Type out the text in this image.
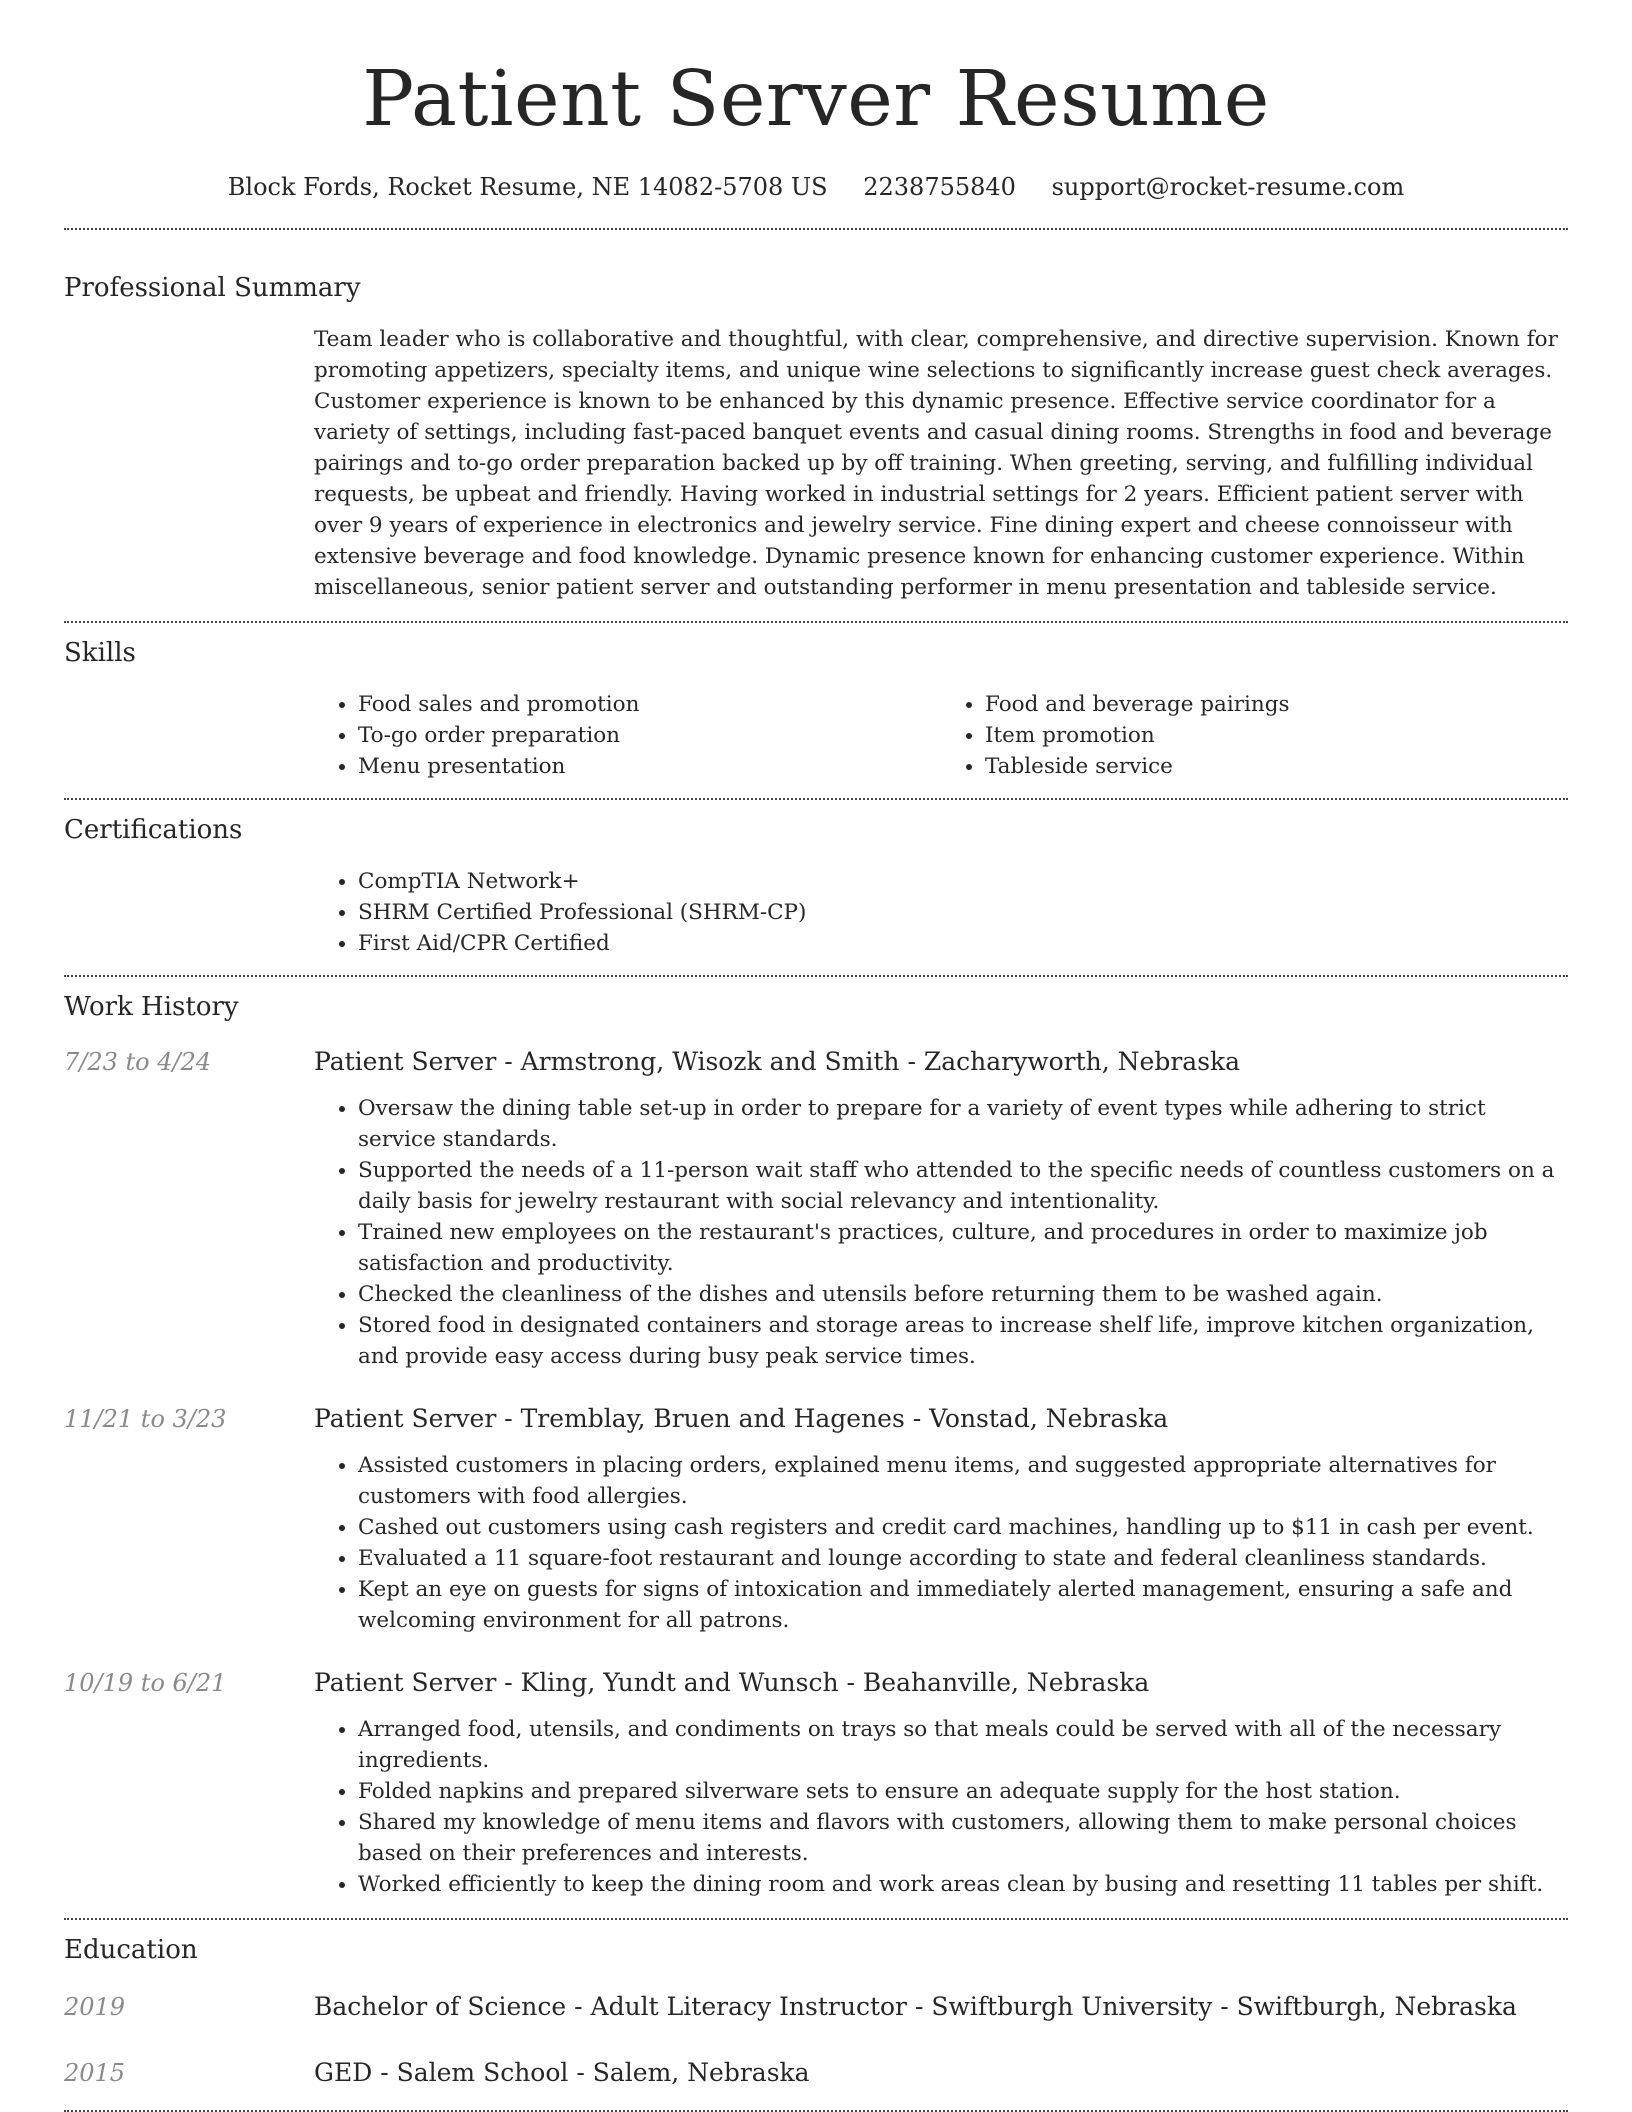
Patient Server Resume
Block Fords, Rocket Resume, NE 14082-5708 US 2238755840 support@rocket-resume.com
Professional Summary
Team leader who is collaborative and thoughtful, with clear, comprehensive, and directive supervision. Known for promoting appetizers, specialty items, and unique wine selections to significantly increase guest check averages. Customer experience is known to be enhanced by this dynamic presence. Effective service coordinator for a variety of settings, including fast-paced banquet events and casual dining rooms. Strengths in food and beverage pairings and to-go order preparation backed up by off training. When greeting, serving, and fulfilling individual requests, be upbeat and friendly. Having worked in industrial settings for 2 years. Efficient patient server with over 9 years of experience in electronics and jewelry service. Fine dining expert and cheese connoisseur with extensive beverage and food knowledge. Dynamic presence known for enhancing customer experience. Within miscellaneous, senior patient server and outstanding performer in menu presentation and tableside service.
Skills
• Food sales and promotion
• To-go order preparation
• Menu presentation
• Food and beverage pairings
• Item promotion
• Tableside service
Certifications
• CompTIA Network+
• SHRM Certified Professional (SHRM-CP)
• First Aid/CPR Certified
Work History
7/23 to 4/24	Patient Server - Armstrong, Wisozk and Smith - Zacharyworth, Nebraska
• Oversaw the dining table set-up in order to prepare for a variety of event types while adhering to strict service standards.
• Supported the needs of a 11-person wait staff who attended to the specific needs of countless customers on a daily basis for jewelry restaurant with social relevancy and intentionality.
• Trained new employees on the restaurant's practices, culture, and procedures in order to maximize job satisfaction and productivity.
• Checked the cleanliness of the dishes and utensils before returning them to be washed again.
• Stored food in designated containers and storage areas to increase shelf life, improve kitchen organization, and provide easy access during busy peak service times.
11/21 to 3/23	Patient Server - Tremblay, Bruen and Hagenes - Vonstad, Nebraska
• Assisted customers in placing orders, explained menu items, and suggested appropriate alternatives for customers with food allergies.
• Cashed out customers using cash registers and credit card machines, handling up to $11 in cash per event.
• Evaluated a 11 square-foot restaurant and lounge according to state and federal cleanliness standards.
• Kept an eye on guests for signs of intoxication and immediately alerted management, ensuring a safe and welcoming environment for all patrons.
10/19 to 6/21	Patient Server - Kling, Yundt and Wunsch - Beahanville, Nebraska
• Arranged food, utensils, and condiments on trays so that meals could be served with all of the necessary ingredients.
• Folded napkins and prepared silverware sets to ensure an adequate supply for the host station.
• Shared my knowledge of menu items and flavors with customers, allowing them to make personal choices based on their preferences and interests.
• Worked efficiently to keep the dining room and work areas clean by busing and resetting 11 tables per shift.
Education
2019	Bachelor of Science - Adult Literacy Instructor - Swiftburgh University - Swiftburgh, Nebraska
2015	GED - Salem School - Salem, Nebraska
